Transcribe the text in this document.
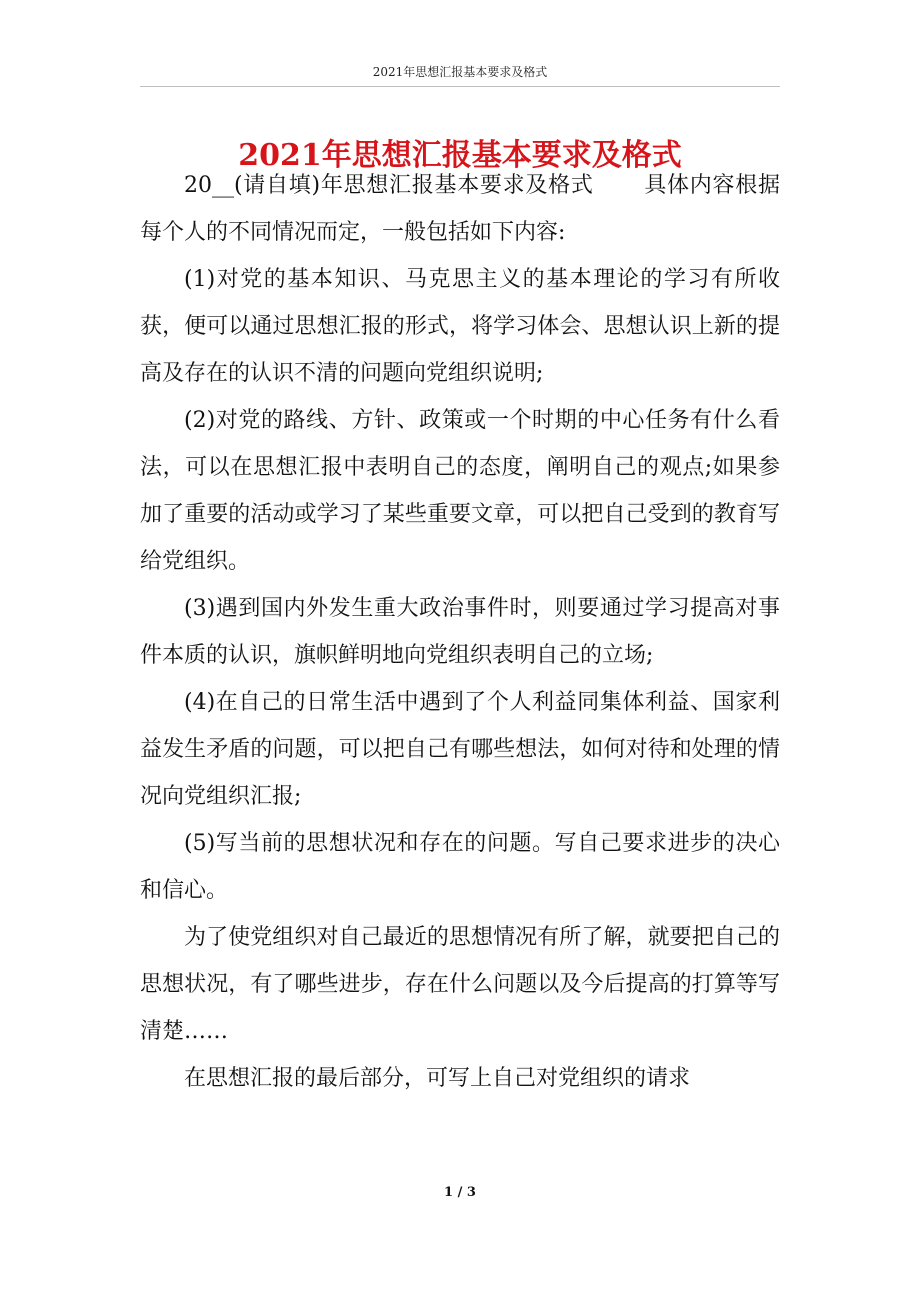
2021年思想汇报基本要求及格式
2021年思想汇报基本要求及格式

20__(请自填)年思想汇报基本要求及格式 具体内容根据每个人的不同情况而定，一般包括如下内容:

(1)对党的基本知识、马克思主义的基本理论的学习有所收获，便可以通过思想汇报的形式，将学习体会、思想认识上新的提高及存在的认识不清的问题向党组织说明;

(2)对党的路线、方针、政策或一个时期的中心任务有什么看法，可以在思想汇报中表明自己的态度，阐明自己的观点;如果参加了重要的活动或学习了某些重要文章，可以把自己受到的教育写给党组织。

(3)遇到国内外发生重大政治事件时，则要通过学习提高对事件本质的认识，旗帜鲜明地向党组织表明自己的立场;

(4)在自己的日常生活中遇到了个人利益同集体利益、国家利益发生矛盾的问题，可以把自己有哪些想法，如何对待和处理的情况向党组织汇报;

(5)写当前的思想状况和存在的问题。写自己要求进步的决心和信心。

为了使党组织对自己最近的思想情况有所了解，就要把自己的思想状况，有了哪些进步，存在什么问题以及今后提高的打算等写清楚……

在思想汇报的最后部分，可写上自己对党组织的请求

1 / 3
